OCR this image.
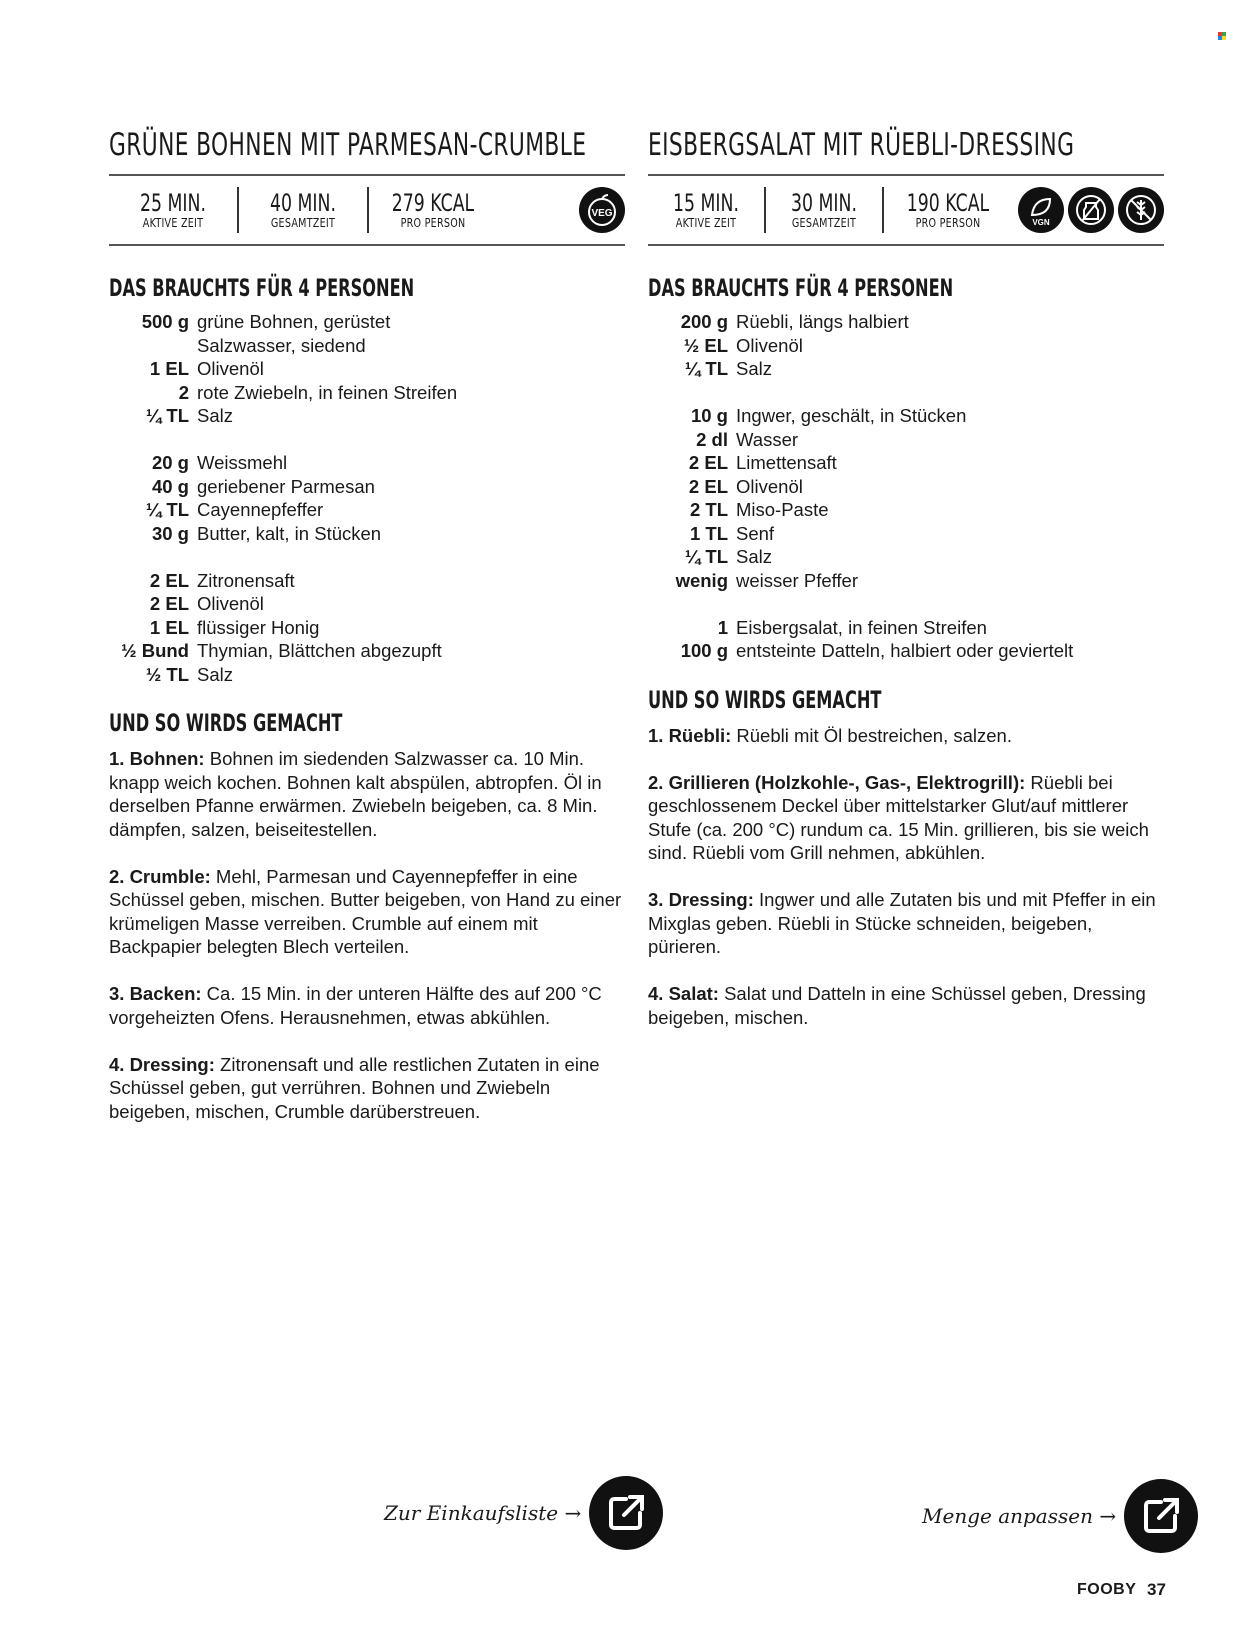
GRÜNE BOHNEN MIT PARMESAN-CRUMBLE
25 MIN.
AKTIVE ZEIT
40 MIN.
GESAMTZEIT
279 KCAL
PRO PERSON
VEG
DAS BRAUCHTS FÜR 4 PERSONEN
500 g grüne Bohnen, gerüstet
Salzwasser, siedend
1 EL Olivenöl
2 rote Zwiebeln, in feinen Streifen
¼ TL Salz
20 g Weissmehl
40 g geriebener Parmesan
¼ TL Cayennepfeffer
30 g Butter, kalt, in Stücken
2 EL Zitronensaft
2 EL Olivenöl
1 EL flüssiger Honig
½ Bund Thymian, Blättchen abgezupft
½ TL Salz
UND SO WIRDS GEMACHT

1. Bohnen: Bohnen im siedenden Salzwasser ca. 10 Min. knapp weich kochen. Bohnen kalt abspülen, abtropfen. Öl in derselben Pfanne erwärmen. Zwiebeln beigeben, ca. 8 Min. dämpfen, salzen, beiseitestellen.

2. Crumble: Mehl, Parmesan und Cayennepfeffer in eine Schüssel geben, mischen. Butter beigeben, von Hand zu einer krümeligen Masse verreiben. Crumble auf einem mit Backpapier belegten Blech verteilen.

3. Backen: Ca. 15 Min. in der unteren Hälfte des auf 200 °C vorgeheizten Ofens. Herausnehmen, etwas abkühlen.

4. Dressing: Zitronensaft und alle restlichen Zutaten in eine Schüssel geben, gut verrühren. Bohnen und Zwiebeln beigeben, mischen, Crumble darüberstreuen.

EISBERGSALAT MIT RÜEBLI-DRESSING
15 MIN.
AKTIVE ZEIT
30 MIN.
GESAMTZEIT
190 KCAL
PRO PERSON	VGN
DAS BRAUCHTS FÜR 4 PERSONEN
200 g Rüebli, längs halbiert
½ EL Olivenöl
¼ TL Salz
10 g Ingwer, geschält, in Stücken
2 dl Wasser
2 EL Limettensaft
2 EL Olivenöl
2 TL Miso-Paste
1 TL Senf
¼ TL Salz
wenig weisser Pfeffer
1 Eisbergsalat, in feinen Streifen
100 g entsteinte Datteln, halbiert oder geviertelt
UND SO WIRDS GEMACHT

1. Rüebli: Rüebli mit Öl bestreichen, salzen.

2. Grillieren (Holzkohle-, Gas-, Elektrogrill): Rüebli bei geschlossenem Deckel über mittelstarker Glut/auf mittlerer Stufe (ca. 200 °C) rundum ca. 15 Min. grillieren, bis sie weich sind. Rüebli vom Grill nehmen, abkühlen.

3. Dressing: Ingwer und alle Zutaten bis und mit Pfeffer in ein Mixglas geben. Rüebli in Stücke schneiden, beigeben, pürieren.

4. Salat: Salat und Datteln in eine Schüssel geben, Dressing beigeben, mischen.

Zur Einkaufsliste →	Menge anpassen →
FOOBY 37
